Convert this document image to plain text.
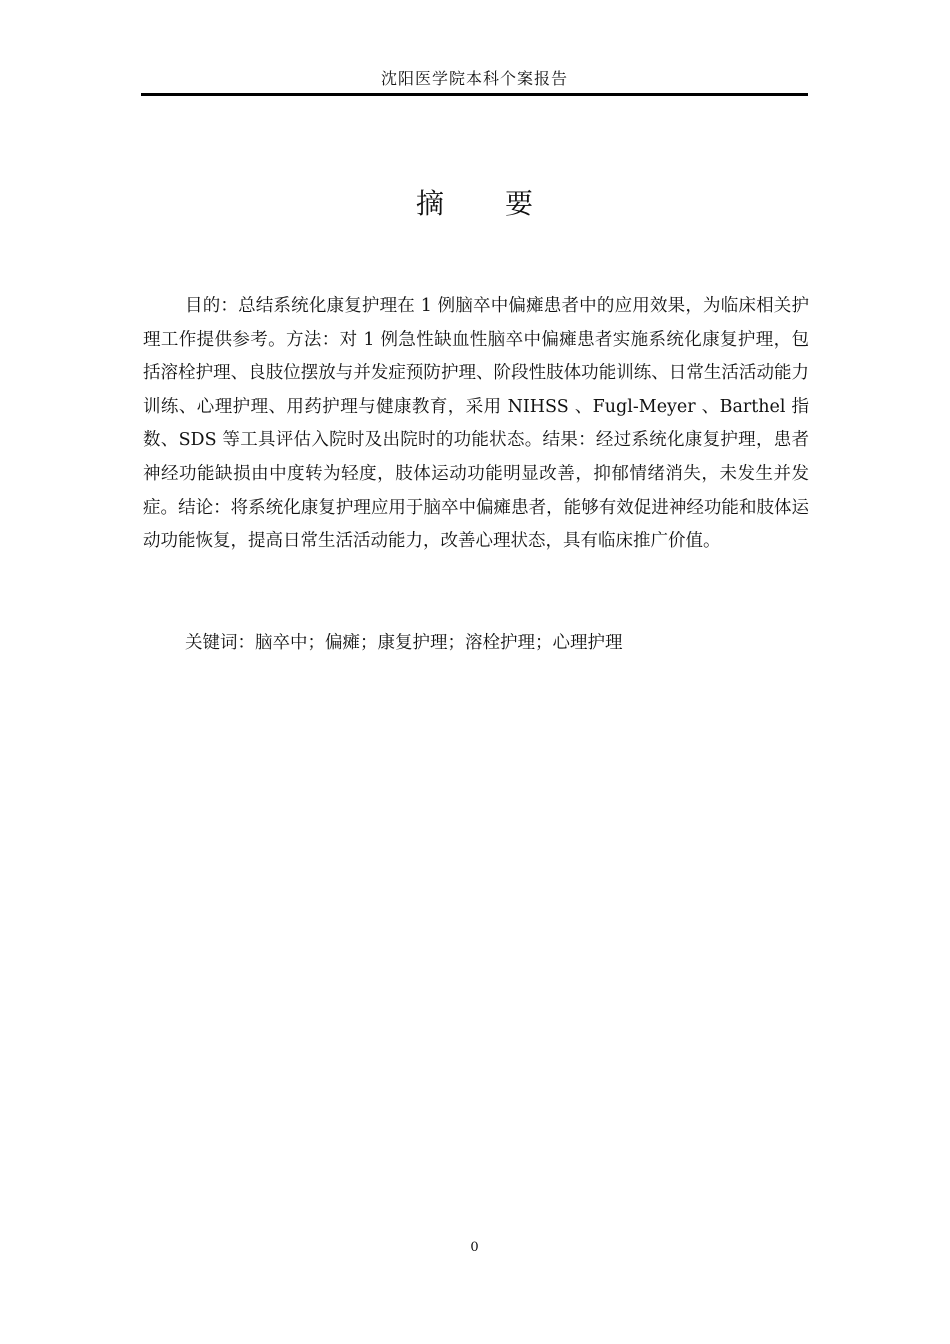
沈阳医学院本科个案报告
摘 要

目的：总结系统化康复护理在 1 例脑卒中偏瘫患者中的应用效果，为临床相关护理工作提供参考。方法：对 1 例急性缺血性脑卒中偏瘫患者实施系统化康复护理，包括溶栓护理、良肢位摆放与并发症预防护理、阶段性肢体功能训练、日常生活活动能力训练、心理护理、用药护理与健康教育，采用 NIHSS 、Fugl-Meyer 、Barthel 指数、SDS 等工具评估入院时及出院时的功能状态。结果：经过系统化康复护理，患者神经功能缺损由中度转为轻度，肢体运动功能明显改善，抑郁情绪消失，未发生并发症。结论：将系统化康复护理应用于脑卒中偏瘫患者，能够有效促进神经功能和肢体运动功能恢复，提高日常生活活动能力，改善心理状态，具有临床推广价值。

关键词：脑卒中；偏瘫；康复护理；溶栓护理；心理护理
0
